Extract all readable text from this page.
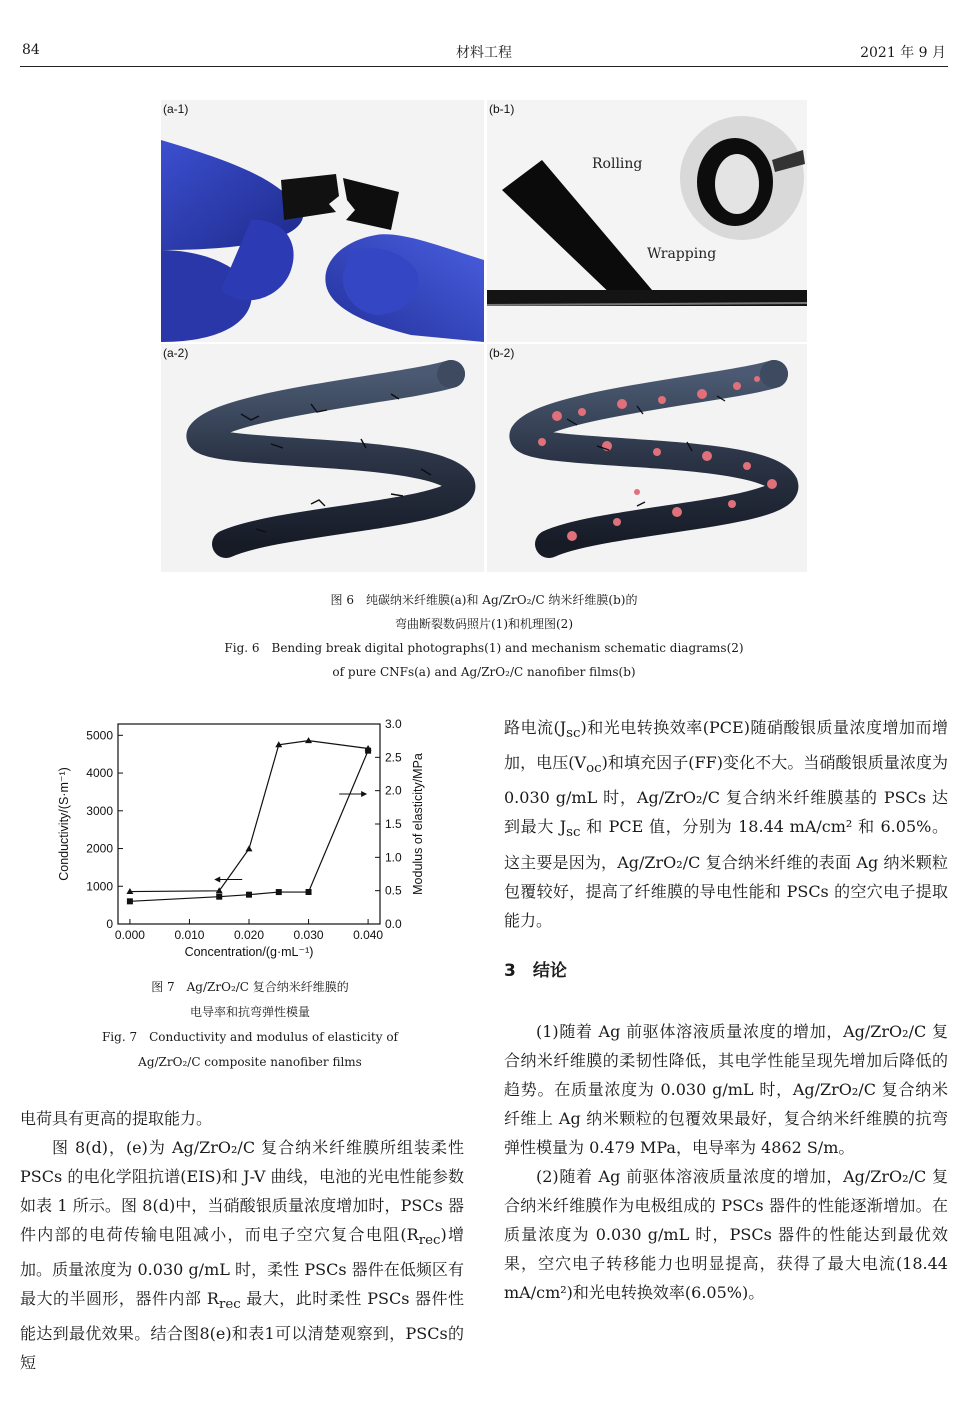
84	材料工程	2021 年 9 月
(a-1)	(b-1)
Rolling
Wrapping
(a-2)	(b-2)
图 6　纯碳纳米纤维膜(a)和 Ag/ZrO₂/C 纳米纤维膜(b)的
弯曲断裂数码照片(1)和机理图(2)
Fig. 6　Bending break digital photographs(1) and mechanism schematic diagrams(2)
of pure CNFs(a) and Ag/ZrO₂/C nanofiber films(b)
0.000 0.010 0.020 0.030 0.040
0
1000
2000
3000
4000
5000
0.0
0.5
1.0
1.5
2.0
2.5
3.0
Concentration/(g·mL⁻¹)
Conductivity/(S·m⁻¹)	Modulus of elasticity/MPa
图 7　Ag/ZrO₂/C 复合纳米纤维膜的
电导率和抗弯弹性模量
Fig. 7　Conductivity and modulus of elasticity of
Ag/ZrO₂/C composite nanofiber films

电荷具有更高的提取能力。

图 8(d)，(e)为 Ag/ZrO₂/C 复合纳米纤维膜所组装柔性 PSCs 的电化学阻抗谱(EIS)和 J-V 曲线，电池的光电性能参数如表 1 所示。图 8(d)中，当硝酸银质量浓度增加时，PSCs 器件内部的电荷传输电阻减小，而电子空穴复合电阻$(R_{rec})$增加。质量浓度为 0.030 g/mL 时，柔性 PSCs 器件在低频区有最大的半圆形，器件内部 $R_{rec}$ 最大，此时柔性 PSCs 器件性能达到最优效果。结合图8(e)和表1可以清楚观察到，PSCs的短

路电流$(J_{sc})$和光电转换效率(PCE)随硝酸银质量浓度增加而增加，电压$(V_{oc})$和填充因子(FF)变化不大。当硝酸银质量浓度为 0.030 g/mL 时，Ag/ZrO₂/C 复合纳米纤维膜基的 PSCs 达到最大 $J_{sc}$ 和 PCE 值，分别为 18.44 mA/cm² 和 6.05%。这主要是因为，Ag/ZrO₂/C 复合纳米纤维的表面 Ag 纳米颗粒包覆较好，提高了纤维膜的导电性能和 PSCs 的空穴电子提取能力。

3　结论

(1)随着 Ag 前驱体溶液质量浓度的增加，Ag/ZrO₂/C 复合纳米纤维膜的柔韧性降低，其电学性能呈现先增加后降低的趋势。在质量浓度为 0.030 g/mL 时，Ag/ZrO₂/C 复合纳米纤维上 Ag 纳米颗粒的包覆效果最好，复合纳米纤维膜的抗弯弹性模量为 0.479 MPa，电导率为 4862 S/m。

(2)随着 Ag 前驱体溶液质量浓度的增加，Ag/ZrO₂/C 复合纳米纤维膜作为电极组成的 PSCs 器件的性能逐渐增加。在质量浓度为 0.030 g/mL 时，PSCs 器件的性能达到最优效果，空穴电子转移能力也明显提高，获得了最大电流(18.44 mA/cm²)和光电转换效率(6.05%)。
